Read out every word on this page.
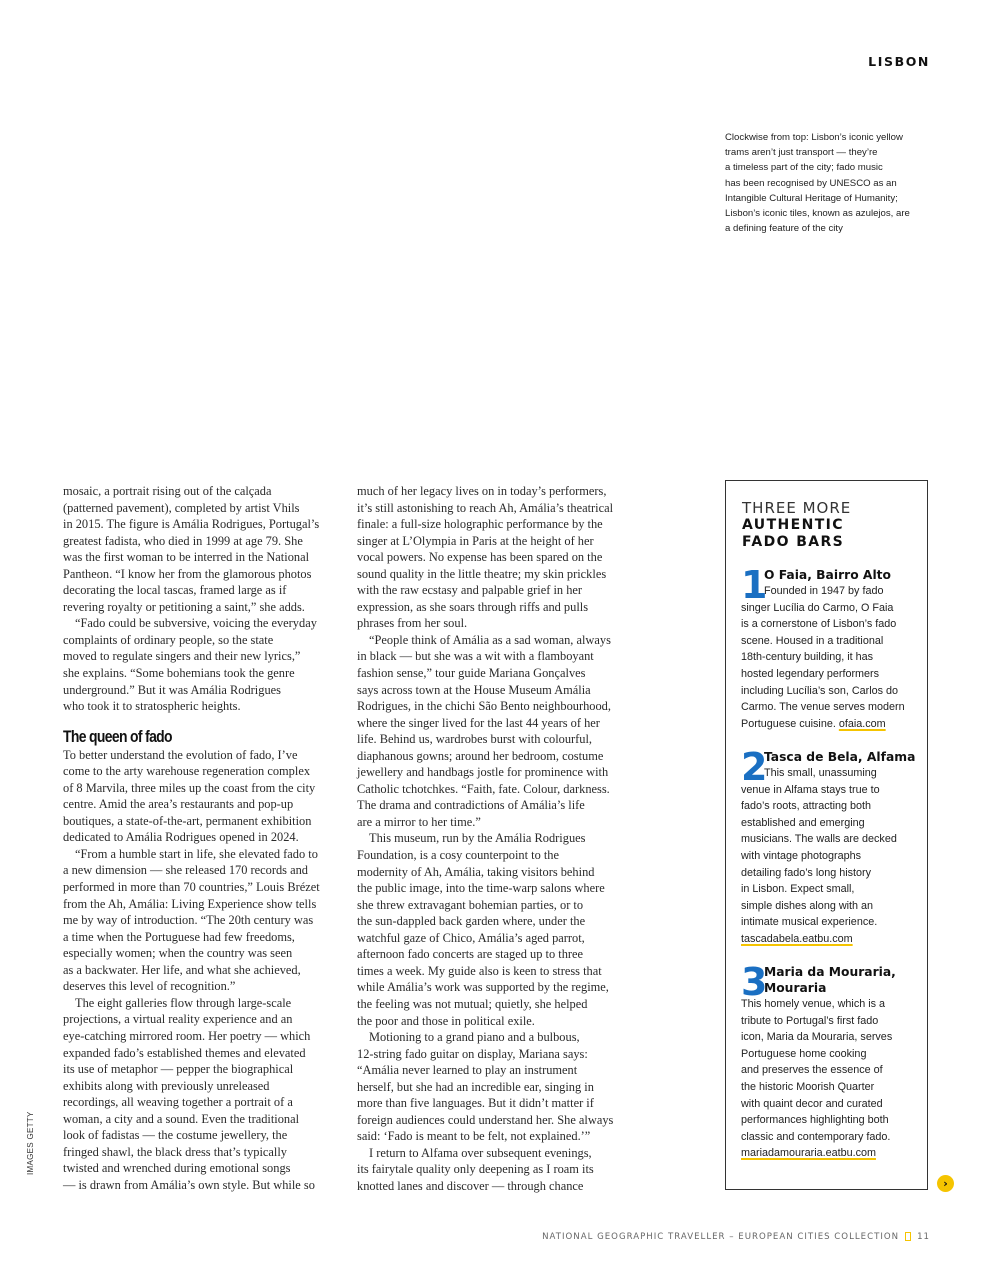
LISBON
Clockwise from top: Lisbon’s iconic yellow
trams aren’t just transport — they’re
a timeless part of the city; fado music
has been recognised by UNESCO as an
Intangible Cultural Heritage of Humanity;
Lisbon’s iconic tiles, known as azulejos, are
a defining feature of the city
mosaic, a portrait rising out of the calçada
(patterned pavement), completed by artist Vhils
in 2015. The figure is Amália Rodrigues, Portugal’s
greatest fadista, who died in 1999 at age 79. She
was the first woman to be interred in the National
Pantheon. “I know her from the glamorous photos
decorating the local tascas, framed large as if
revering royalty or petitioning a saint,” she adds.
“Fado could be subversive, voicing the everyday
complaints of ordinary people, so the state
moved to regulate singers and their new lyrics,”
she explains. “Some bohemians took the genre
underground.” But it was Amália Rodrigues
who took it to stratospheric heights.
The queen of fado
To better understand the evolution of fado, I’ve
come to the arty warehouse regeneration complex
of 8 Marvila, three miles up the coast from the city
centre. Amid the area’s restaurants and pop-up
boutiques, a state-of-the-art, permanent exhibition
dedicated to Amália Rodrigues opened in 2024.
“From a humble start in life, she elevated fado to
a new dimension — she released 170 records and
performed in more than 70 countries,” Louis Brézet
from the Ah, Amália: Living Experience show tells
me by way of introduction. “The 20th century was
a time when the Portuguese had few freedoms,
especially women; when the country was seen
as a backwater. Her life, and what she achieved,
deserves this level of recognition.”
The eight galleries flow through large-scale
projections, a virtual reality experience and an
eye-catching mirrored room. Her poetry — which
expanded fado’s established themes and elevated
its use of metaphor — pepper the biographical
exhibits along with previously unreleased
recordings, all weaving together a portrait of a
woman, a city and a sound. Even the traditional
look of fadistas — the costume jewellery, the
fringed shawl, the black dress that’s typically
twisted and wrenched during emotional songs
— is drawn from Amália’s own style. But while so
much of her legacy lives on in today’s performers,
it’s still astonishing to reach Ah, Amália’s theatrical
finale: a full-size holographic performance by the
singer at L’Olympia in Paris at the height of her
vocal powers. No expense has been spared on the
sound quality in the little theatre; my skin prickles
with the raw ecstasy and palpable grief in her
expression, as she soars through riffs and pulls
phrases from her soul.
“People think of Amália as a sad woman, always
in black — but she was a wit with a flamboyant
fashion sense,” tour guide Mariana Gonçalves
says across town at the House Museum Amália
Rodrigues, in the chichi São Bento neighbourhood,
where the singer lived for the last 44 years of her
life. Behind us, wardrobes burst with colourful,
diaphanous gowns; around her bedroom, costume
jewellery and handbags jostle for prominence with
Catholic tchotchkes. “Faith, fate. Colour, darkness.
The drama and contradictions of Amália’s life
are a mirror to her time.”
This museum, run by the Amália Rodrigues
Foundation, is a cosy counterpoint to the
modernity of Ah, Amália, taking visitors behind
the public image, into the time-warp salons where
she threw extravagant bohemian parties, or to
the sun-dappled back garden where, under the
watchful gaze of Chico, Amália’s aged parrot,
afternoon fado concerts are staged up to three
times a week. My guide also is keen to stress that
while Amália’s work was supported by the regime,
the feeling was not mutual; quietly, she helped
the poor and those in political exile.
Motioning to a grand piano and a bulbous,
12-string fado guitar on display, Mariana says:
“Amália never learned to play an instrument
herself, but she had an incredible ear, singing in
more than five languages. But it didn’t matter if
foreign audiences could understand her. She always
said: ‘Fado is meant to be felt, not explained.’”
I return to Alfama over subsequent evenings,
its fairytale quality only deepening as I roam its
knotted lanes and discover — through chance
THREE MORE
AUTHENTIC
FADO BARS
1
O Faia, Bairro Alto
Founded in 1947 by fado
singer Lucília do Carmo, O Faia
is a cornerstone of Lisbon’s fado
scene. Housed in a traditional
18th-century building, it has
hosted legendary performers
including Lucília’s son, Carlos do
Carmo. The venue serves modern
Portuguese cuisine. ofaia.com
2
Tasca de Bela, Alfama
This small, unassuming
venue in Alfama stays true to
fado’s roots, attracting both
established and emerging
musicians. The walls are decked
with vintage photographs
detailing fado’s long history
in Lisbon. Expect small,
simple dishes along with an
intimate musical experience.
tascadabela.eatbu.com
3
Maria da Mouraria,
Mouraria
This homely venue, which is a
tribute to Portugal’s first fado
icon, Maria da Mouraria, serves
Portuguese home cooking
and preserves the essence of
the historic Moorish Quarter
with quaint decor and curated
performances highlighting both
classic and contemporary fado.
mariadamouraria.eatbu.com
›
IMAGES GETTY
NATIONAL GEOGRAPHIC TRAVELLER – EUROPEAN CITIES COLLECTION 11
